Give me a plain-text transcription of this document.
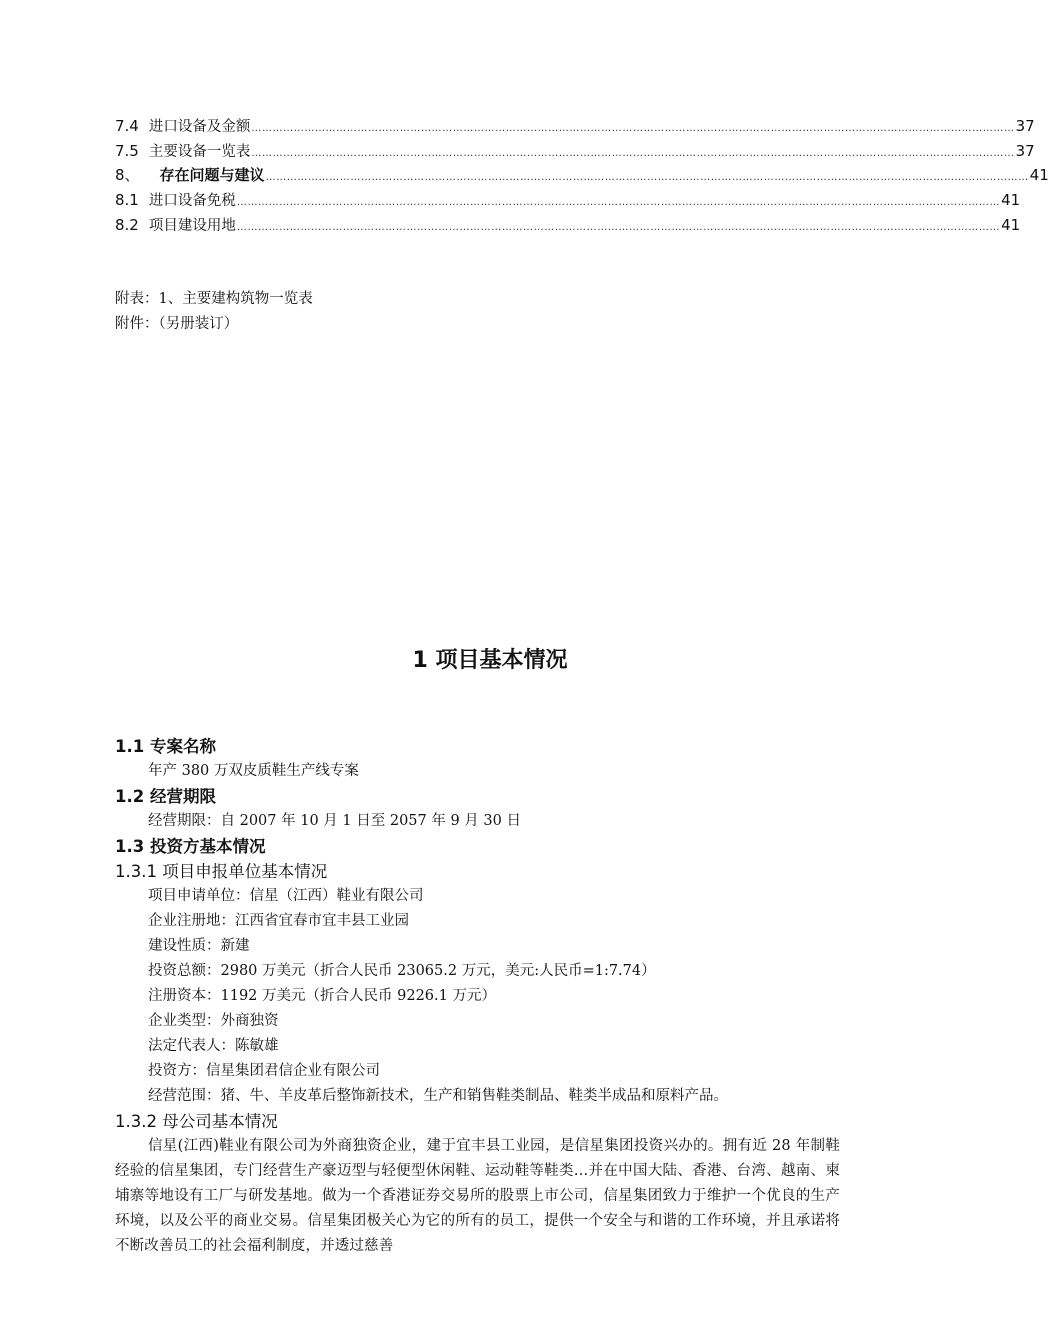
7.4 进口设备及金额 ……………………………………………………………………………………………………………………………………………………………………………………………… 37
7.5 主要设备一览表 ……………………………………………………………………………………………………………………………………………………………………………………………… 37
8、 存在问题与建议 ……………………………………………………………………………………………………………………………………………………………………………………………… 41
8.1 进口设备免税 ……………………………………………………………………………………………………………………………………………………………………………………………… 41
8.2 项目建设用地 ……………………………………………………………………………………………………………………………………………………………………………………………… 41
附表：1、主要建构筑物一览表
附件：（另册装订）
1 项目基本情况
1.1 专案名称
年产 380 万双皮质鞋生产线专案
1.2 经营期限
经营期限：自 2007 年 10 月 1 日至 2057 年 9 月 30 日
1.3 投资方基本情况
1.3.1 项目申报单位基本情况
项目申请单位：信星（江西）鞋业有限公司
企业注册地：江西省宜春市宜丰县工业园
建设性质：新建
投资总额：2980 万美元（折合人民币 23065.2 万元，美元:人民币=1:7.74）
注册资本：1192 万美元（折合人民币 9226.1 万元）
企业类型：外商独资
法定代表人：陈敏雄
投资方：信星集团君信企业有限公司
经营范围：猪、牛、羊皮革后整饰新技术，生产和销售鞋类制品、鞋类半成品和原料产品。
1.3.2 母公司基本情况
信星(江西)鞋业有限公司为外商独资企业，建于宜丰县工业园，是信星集团投资兴办的。拥有近 28 年制鞋经验的信星集团，专门经营生产豪迈型与轻便型休闲鞋、运动鞋等鞋类…并在中国大陆、香港、台湾、越南、柬埔寨等地设有工厂与研发基地。做为一个香港证券交易所的股票上市公司，信星集团致力于维护一个优良的生产环境，以及公平的商业交易。信星集团极关心为它的所有的员工，提供一个安全与和谐的工作环境，并且承诺将不断改善员工的社会福利制度，并透过慈善
